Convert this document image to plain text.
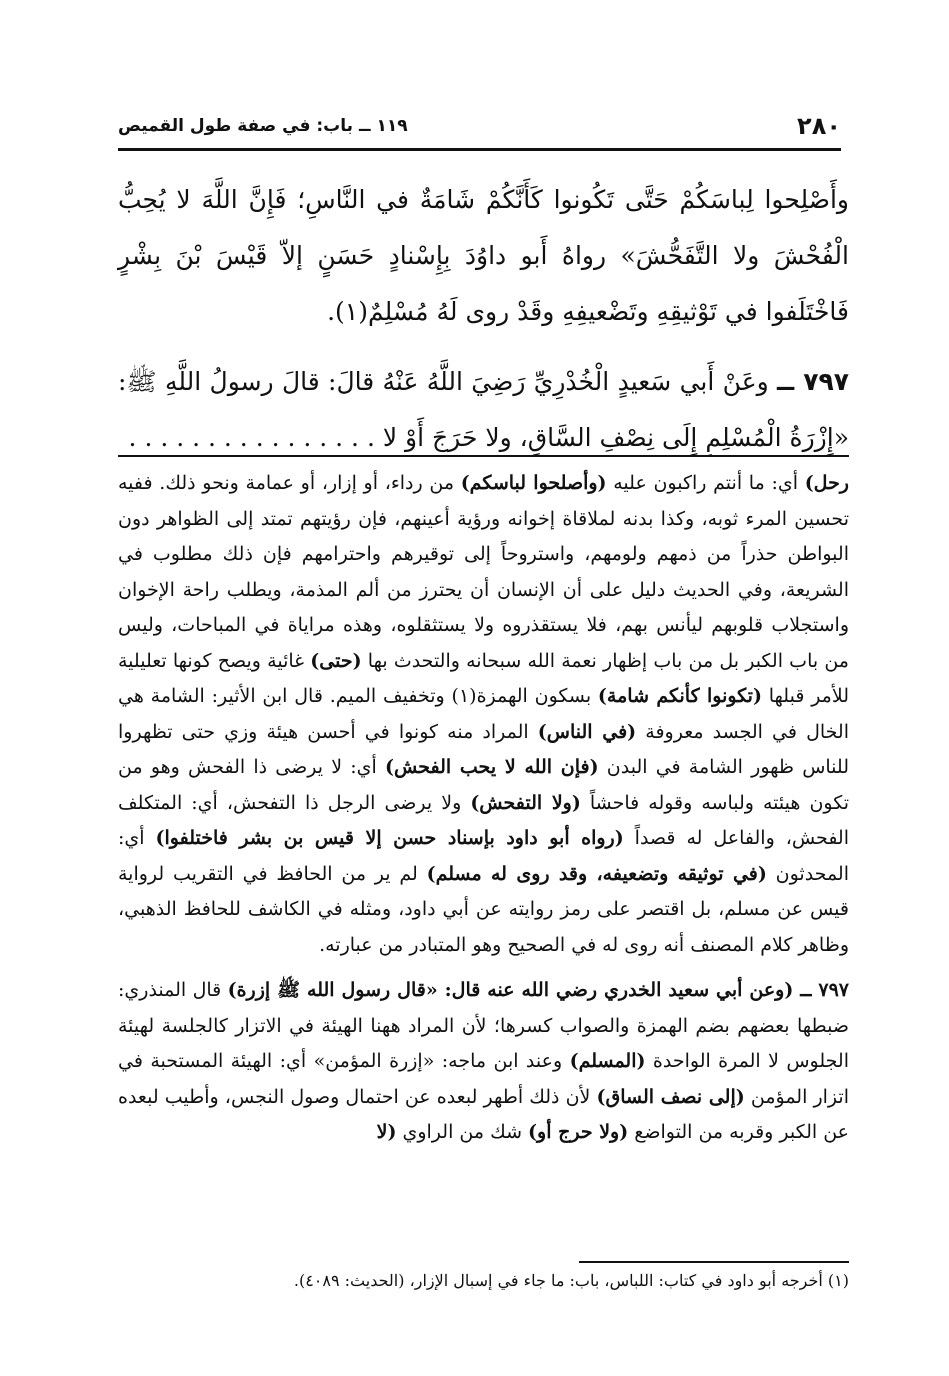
٢٨٠
١١٩ ــ باب: في صفة طول القميص

وأَصْلِحوا لِباسَكُمْ حَتَّى تَكُونوا كَأَنَّكُمْ شَامَةٌ في النَّاسِ؛ فَإِنَّ اللَّهَ لا يُحِبُّ الْفُحْشَ ولا التَّفَحُّشَ» رواهُ أَبو داوُدَ بِإِسْنادٍ حَسَنٍ إلاّ قَيْسَ بْنَ بِشْرٍ فَاخْتَلَفوا في تَوْثيقِهِ وتَضْعيفِهِ وقَدْ روى لَهُ مُسْلِمٌ(١).

٧٩٧ ــ وعَنْ أَبي سَعيدٍ الْخُدْرِيِّ رَضِيَ اللَّهُ عَنْهُ قالَ: قالَ رسولُ اللَّهِ ﷺ: «إِزْرَةُ الْمُسْلِمِ إِلَى نِصْفِ السَّاقِ، ولا حَرَجَ أَوْ لا . . . . . . . . . . . . . . . .

رحل) أي: ما أنتم راكبون عليه (وأصلحوا لباسكم) من رداء، أو إزار، أو عمامة ونحو ذلك. ففيه تحسين المرء ثوبه، وكذا بدنه لملاقاة إخوانه ورؤية أعينهم، فإن رؤيتهم تمتد إلى الظواهر دون البواطن حذراً من ذمهم ولومهم، واستروحاً إلى توقيرهم واحترامهم فإن ذلك مطلوب في الشريعة، وفي الحديث دليل على أن الإنسان أن يحترز من ألم المذمة، ويطلب راحة الإخوان واستجلاب قلوبهم ليأنس بهم، فلا يستقذروه ولا يستثقلوه، وهذه مراياة في المباحات، وليس من باب الكبر بل من باب إظهار نعمة الله سبحانه والتحدث بها (حتى) غائية ويصح كونها تعليلية للأمر قبلها (تكونوا كأنكم شامة) بسكون الهمزة(١) وتخفيف الميم. قال ابن الأثير: الشامة هي الخال في الجسد معروفة (في الناس) المراد منه كونوا في أحسن هيئة وزي حتى تظهروا للناس ظهور الشامة في البدن (فإن الله لا يحب الفحش) أي: لا يرضى ذا الفحش وهو من تكون هيئته ولباسه وقوله فاحشاً (ولا التفحش) ولا يرضى الرجل ذا التفحش، أي: المتكلف الفحش، والفاعل له قصداً (رواه أبو داود بإسناد حسن إلا قيس بن بشر فاختلفوا) أي: المحدثون (في توثيقه وتضعيفه، وقد روى له مسلم) لم ير من الحافظ في التقريب لرواية قيس عن مسلم، بل اقتصر على رمز روايته عن أبي داود، ومثله في الكاشف للحافظ الذهبي، وظاهر كلام المصنف أنه روى له في الصحيح وهو المتبادر من عبارته.

٧٩٧ ــ (وعن أبي سعيد الخدري رضي الله عنه قال: «قال رسول الله ﷺ إزرة) قال المنذري: ضبطها بعضهم بضم الهمزة والصواب كسرها؛ لأن المراد ههنا الهيئة في الاتزار كالجلسة لهيئة الجلوس لا المرة الواحدة (المسلم) وعند ابن ماجه: «إزرة المؤمن» أي: الهيئة المستحبة في اتزار المؤمن (إلى نصف الساق) لأن ذلك أطهر لبعده عن احتمال وصول النجس، وأطيب لبعده عن الكبر وقربه من التواضع (ولا حرج أو) شك من الراوي (لا

(١) أخرجه أبو داود في كتاب: اللباس، باب: ما جاء في إسبال الإزار، (الحديث: ٤٠٨٩).
